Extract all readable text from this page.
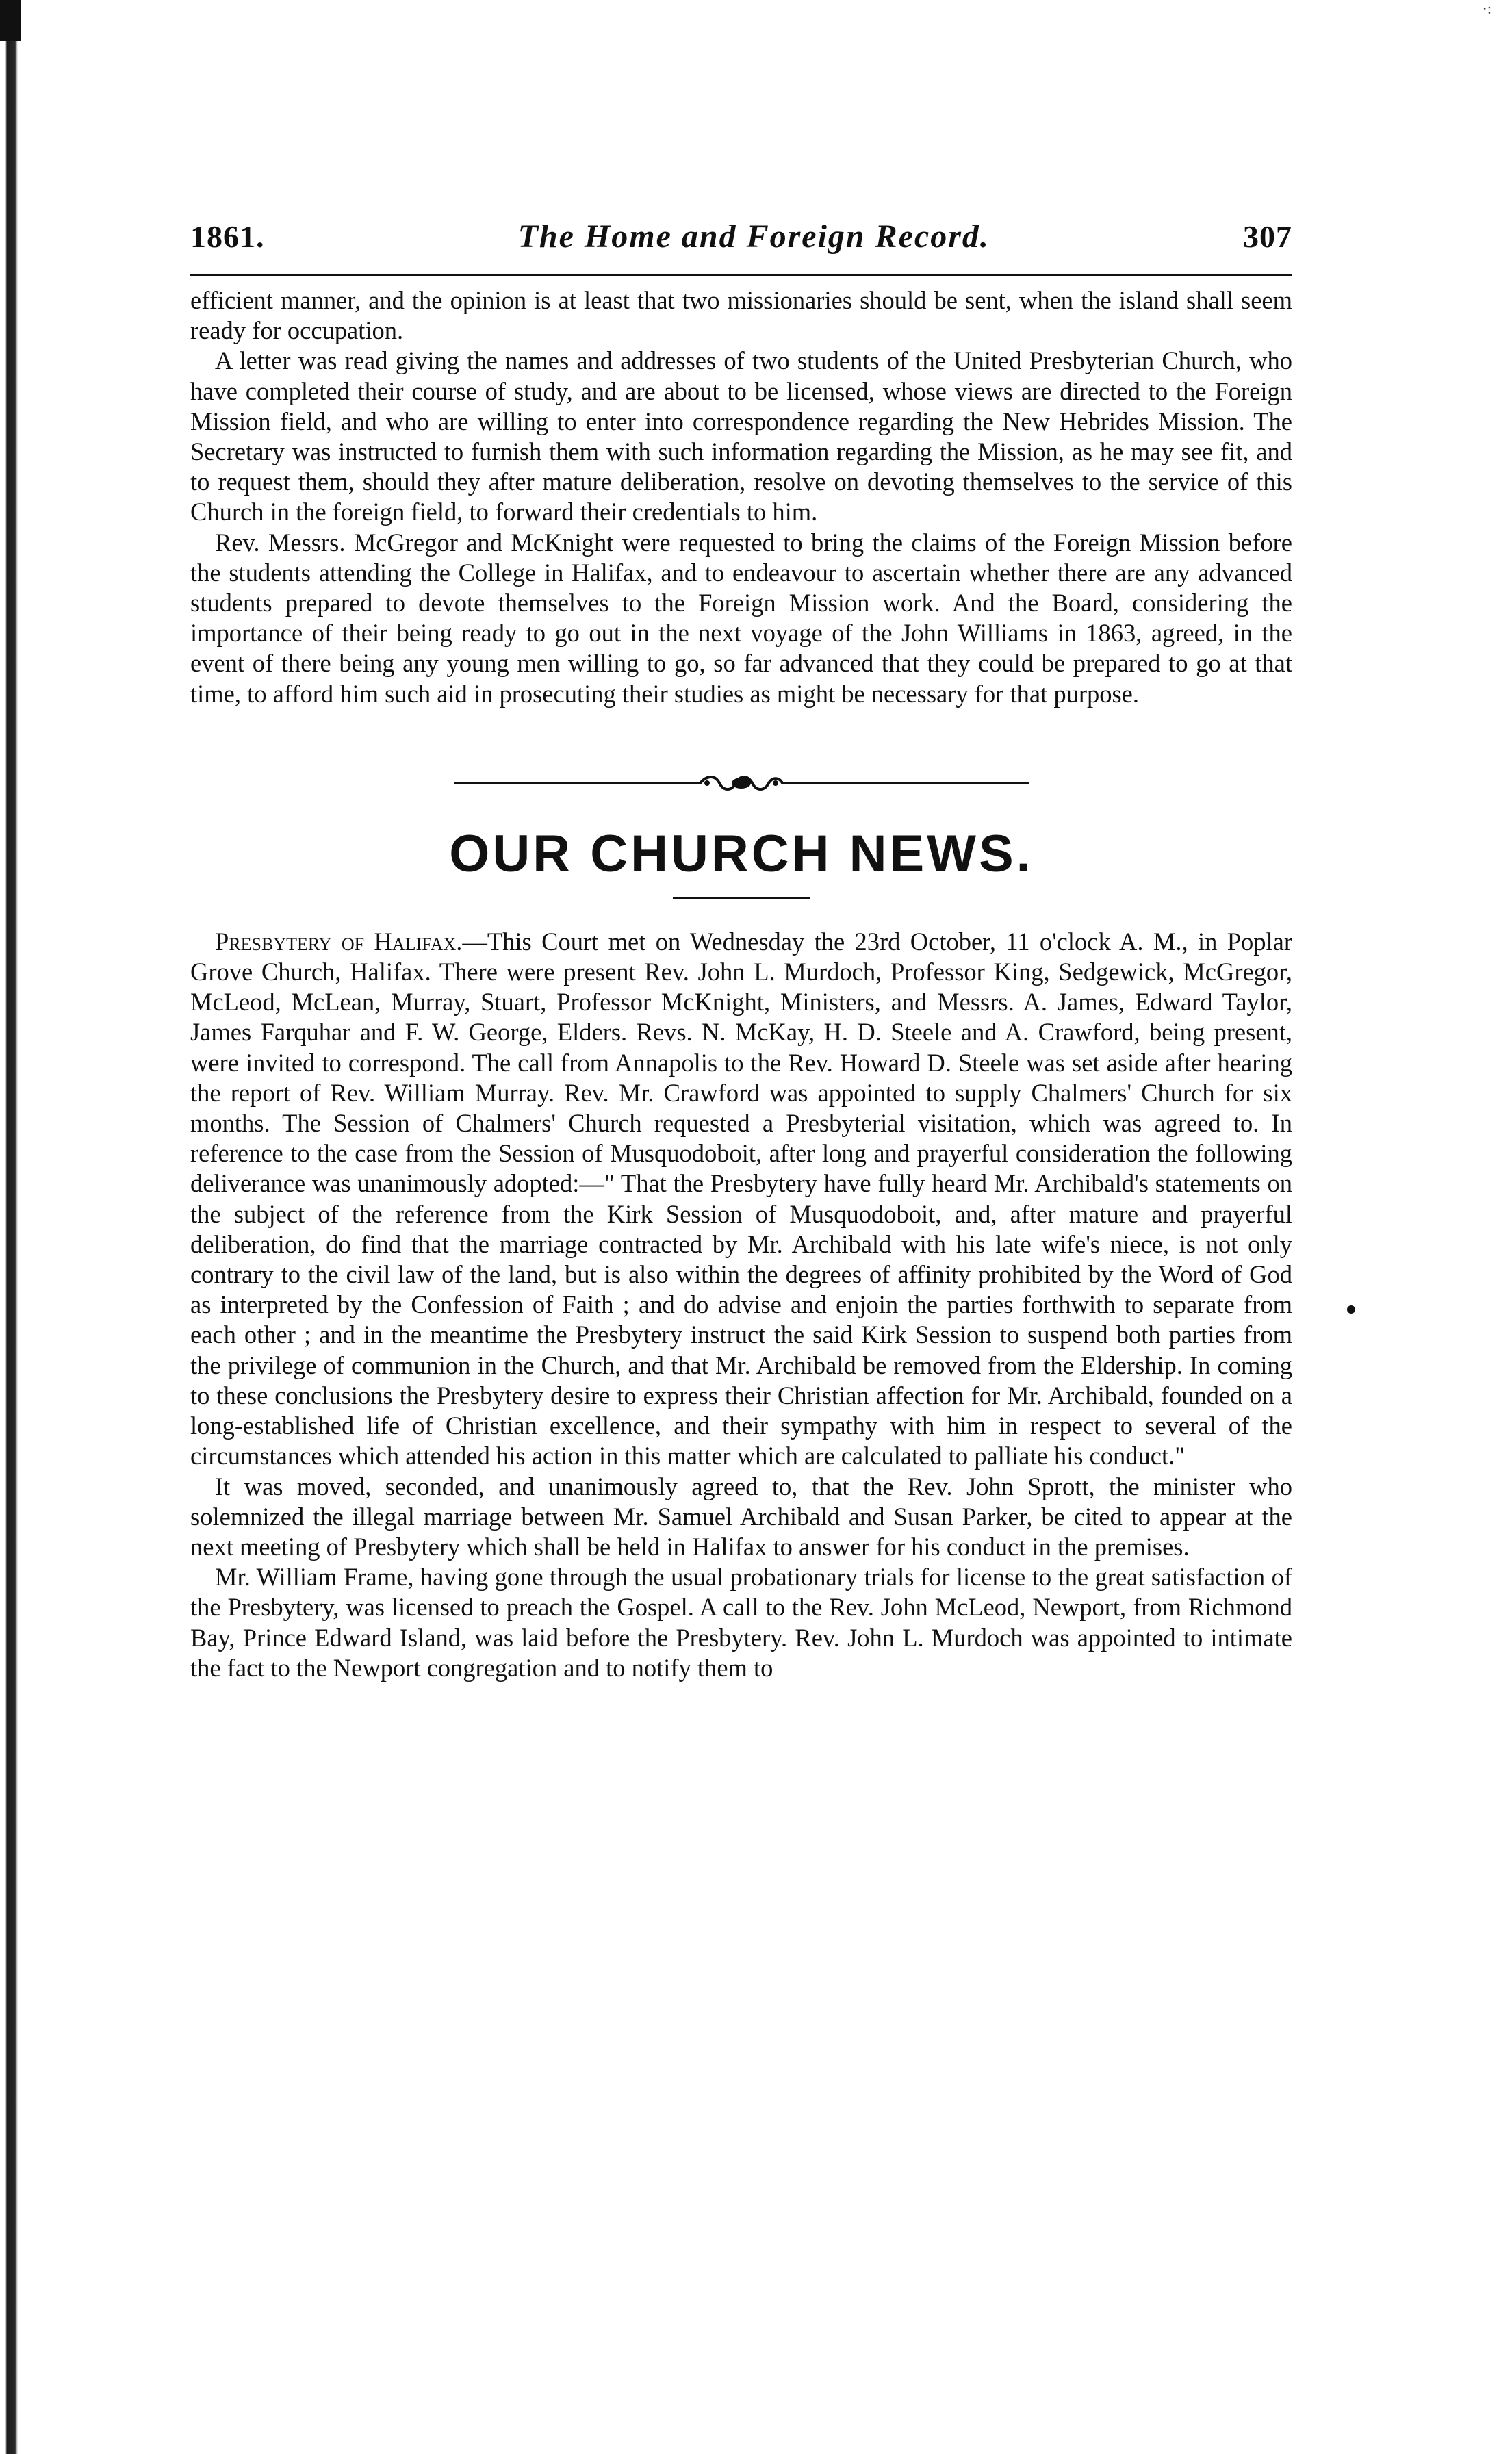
·:
1861.	The Home and Foreign Record.	307

efficient manner, and the opinion is at least that two missionaries should be sent, when the island shall seem ready for occupation.

A letter was read giving the names and addresses of two students of the United Presbyterian Church, who have completed their course of study, and are about to be licensed, whose views are directed to the Foreign Mission field, and who are willing to enter into correspondence regarding the New Hebrides Mission. The Secretary was instructed to furnish them with such information regarding the Mission, as he may see fit, and to request them, should they after mature deliberation, resolve on devoting themselves to the service of this Church in the foreign field, to forward their credentials to him.

Rev. Messrs. McGregor and McKnight were requested to bring the claims of the Foreign Mission before the students attending the College in Halifax, and to endeavour to ascertain whether there are any advanced students prepared to devote themselves to the Foreign Mission work. And the Board, considering the importance of their being ready to go out in the next voyage of the John Williams in 1863, agreed, in the event of there being any young men willing to go, so far advanced that they could be prepared to go at that time, to afford him such aid in prosecuting their studies as might be necessary for that purpose.

OUR CHURCH NEWS.

Presbytery of Halifax.—This Court met on Wednesday the 23rd October, 11 o'clock A. M., in Poplar Grove Church, Halifax. There were present Rev. John L. Murdoch, Professor King, Sedgewick, McGregor, McLeod, McLean, Murray, Stuart, Professor McKnight, Ministers, and Messrs. A. James, Edward Taylor, James Farquhar and F. W. George, Elders. Revs. N. McKay, H. D. Steele and A. Crawford, being present, were invited to correspond. The call from Annapolis to the Rev. Howard D. Steele was set aside after hearing the report of Rev. William Murray. Rev. Mr. Crawford was appointed to supply Chalmers' Church for six months. The Session of Chalmers' Church requested a Presbyterial visitation, which was agreed to. In reference to the case from the Session of Musquodoboit, after long and prayerful consideration the following deliverance was unanimously adopted:—" That the Presbytery have fully heard Mr. Archibald's statements on the subject of the reference from the Kirk Session of Musquodoboit, and, after mature and prayerful deliberation, do find that the marriage contracted by Mr. Archibald with his late wife's niece, is not only contrary to the civil law of the land, but is also within the degrees of affinity prohibited by the Word of God as interpreted by the Confession of Faith ; and do advise and enjoin the parties forthwith to separate from each other ; and in the meantime the Presbytery instruct the said Kirk Session to suspend both parties from the privilege of communion in the Church, and that Mr. Archibald be removed from the Eldership. In coming to these conclusions the Presbytery desire to express their Christian affection for Mr. Archibald, founded on a long-established life of Christian excellence, and their sympathy with him in respect to several of the circumstances which attended his action in this matter which are calculated to palliate his conduct."

It was moved, seconded, and unanimously agreed to, that the Rev. John Sprott, the minister who solemnized the illegal marriage between Mr. Samuel Archibald and Susan Parker, be cited to appear at the next meeting of Presbytery which shall be held in Halifax to answer for his conduct in the premises.

Mr. William Frame, having gone through the usual probationary trials for license to the great satisfaction of the Presbytery, was licensed to preach the Gospel. A call to the Rev. John McLeod, Newport, from Richmond Bay, Prince Edward Island, was laid before the Presbytery. Rev. John L. Murdoch was appointed to intimate the fact to the Newport congregation and to notify them to
